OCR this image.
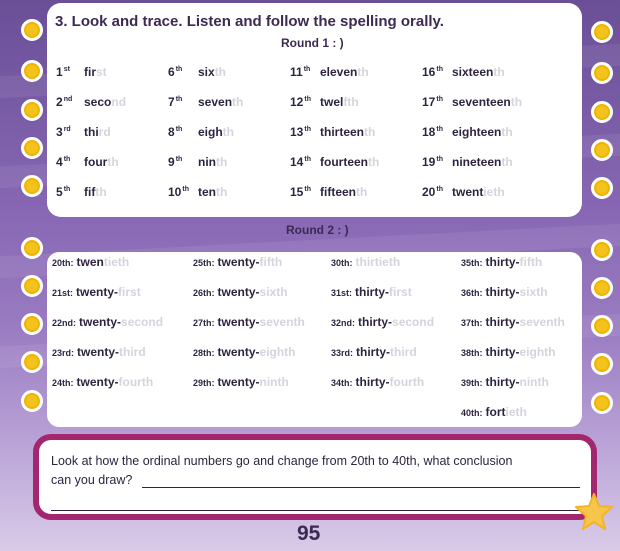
3. Look and trace. Listen and follow the spelling orally.
Round 1 : )
1st first	6th sixth	11th eleventh	16th sixteenth
2nd second	7th seventh	12th twelfth	17th seventeenth
3rd third	8th eighth	13th thirteenth	18th eighteenth
4th fourth	9th ninth	14th fourteenth	19th nineteenth
5th fifth	10th tenth	15th fifteenth	20th twentieth
Round 2 : )
20th: twentieth	25th: twenty-fifth	30th: thirtieth	35th: thirty-fifth
21st: twenty-first	26th: twenty-sixth	31st: thirty-first	36th: thirty-sixth
22nd: twenty-second	27th: twenty-seventh	32nd: thirty-second	37th: thirty-seventh
23rd: twenty-third	28th: twenty-eighth	33rd: thirty-third	38th: thirty-eighth
24th: twenty-fourth	29th: twenty-ninth	34th: thirty-fourth	39th: thirty-ninth
40th: fortieth
Look at how the ordinal numbers go and change from 20th to 40th, what conclusion
can you draw?
95
